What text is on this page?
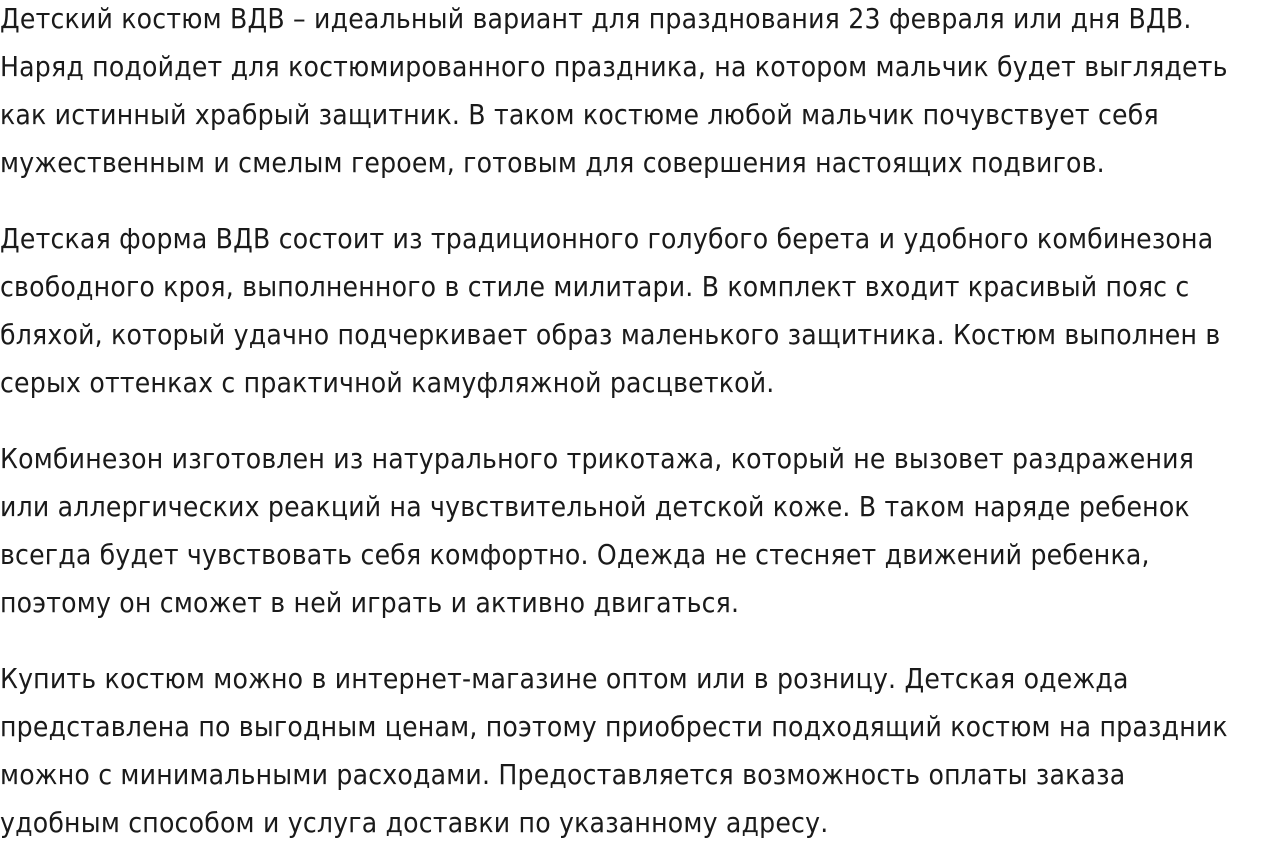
Детский костюм ВДВ – идеальный вариант для празднования 23 февраля или дня ВДВ.
Наряд подойдет для костюмированного праздника, на котором мальчик будет выглядеть
как истинный храбрый защитник. В таком костюме любой мальчик почувствует себя
мужественным и смелым героем, готовым для совершения настоящих подвигов.

Детская форма ВДВ состоит из традиционного голубого берета и удобного комбинезона
свободного кроя, выполненного в стиле милитари. В комплект входит красивый пояс с
бляхой, который удачно подчеркивает образ маленького защитника. Костюм выполнен в
серых оттенках с практичной камуфляжной расцветкой.

Комбинезон изготовлен из натурального трикотажа, который не вызовет раздражения
или аллергических реакций на чувствительной детской коже. В таком наряде ребенок
всегда будет чувствовать себя комфортно. Одежда не стесняет движений ребенка,
поэтому он сможет в ней играть и активно двигаться.

Купить костюм можно в интернет-магазине оптом или в розницу. Детская одежда
представлена по выгодным ценам, поэтому приобрести подходящий костюм на праздник
можно с минимальными расходами. Предоставляется возможность оплаты заказа
удобным способом и услуга доставки по указанному адресу.
